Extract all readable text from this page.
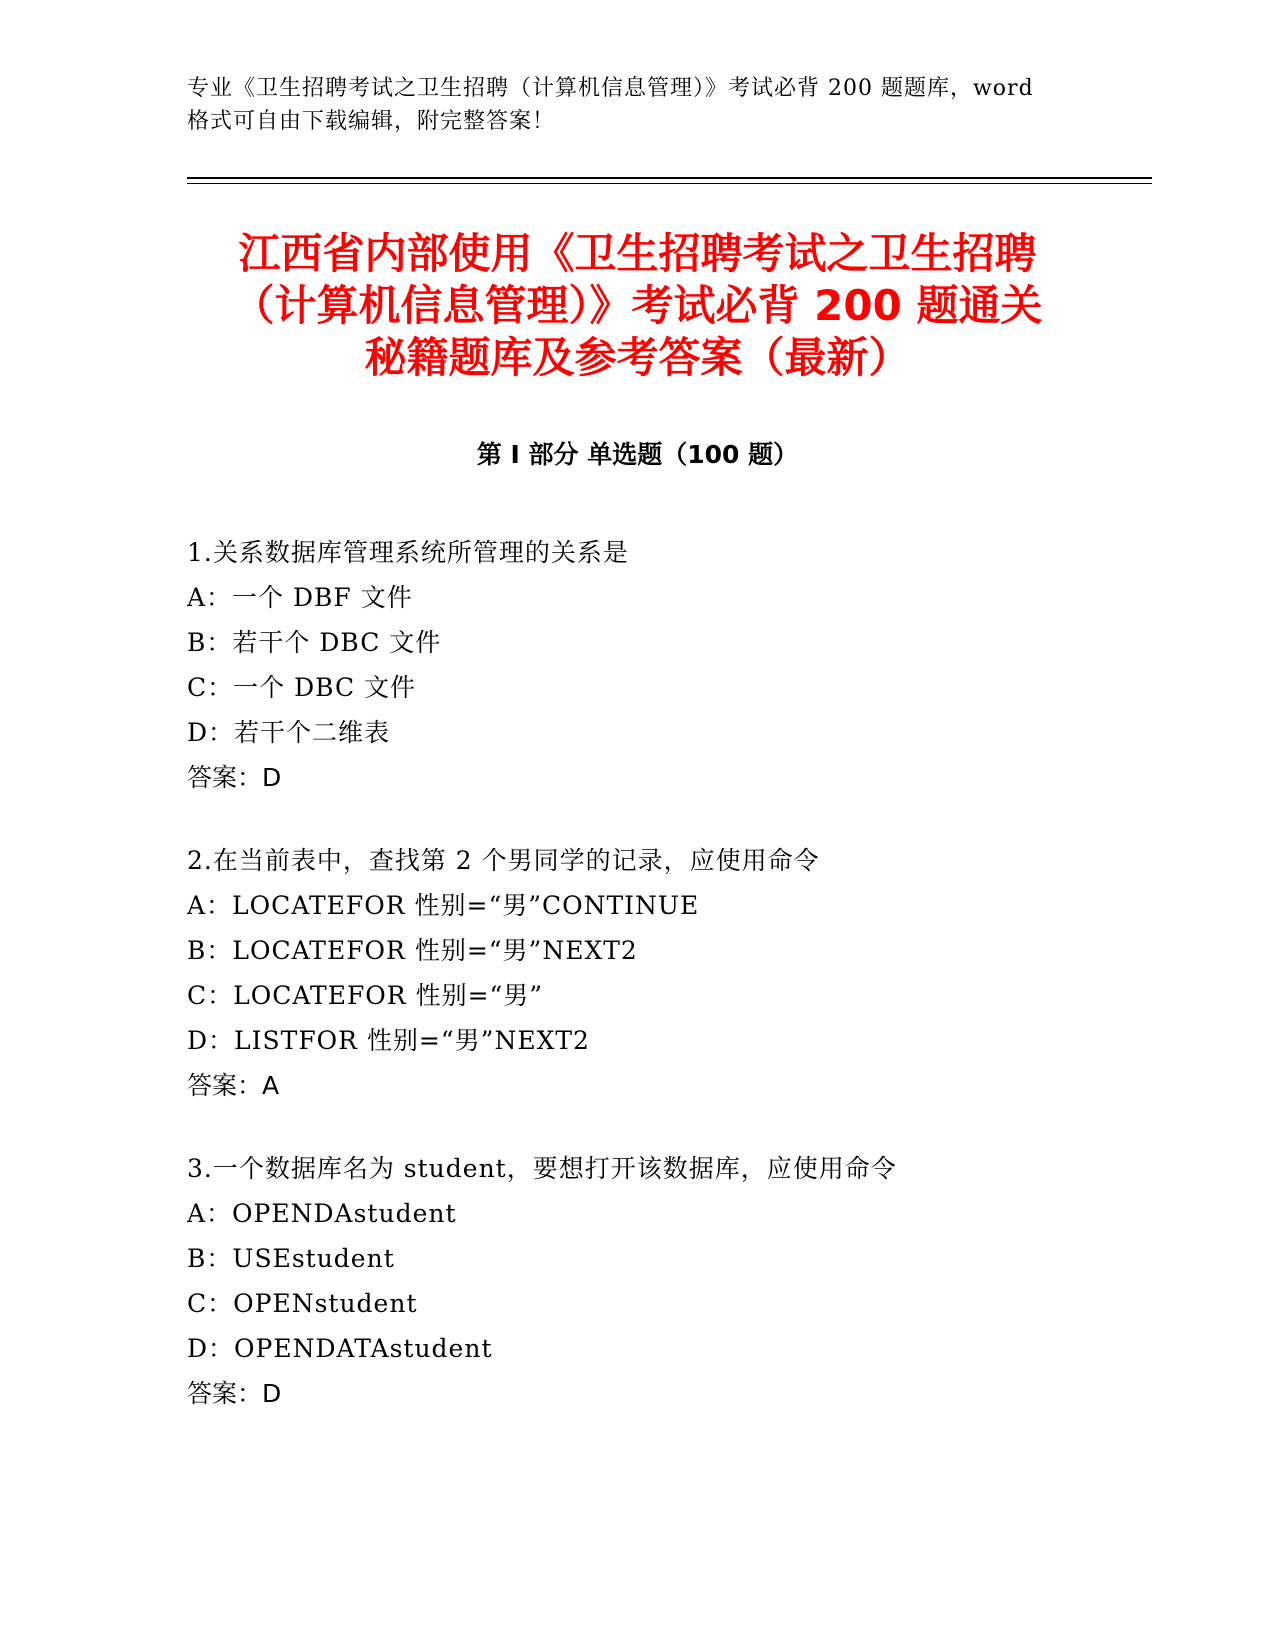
专业《卫生招聘考试之卫生招聘（计算机信息管理）》考试必背 200 题题库，word
格式可自由下载编辑，附完整答案！
江西省内部使用《卫生招聘考试之卫生招聘
（计算机信息管理）》考试必背 200 题通关
秘籍题库及参考答案（最新）
第 I 部分 单选题（100 题）
1.关系数据库管理系统所管理的关系是
A：一个 DBF 文件
B：若干个 DBC 文件
C：一个 DBC 文件
D：若干个二维表
答案：D
2.在当前表中，查找第 2 个男同学的记录，应使用命令
A：LOCATEFOR 性别=“男”CONTINUE
B：LOCATEFOR 性别=“男”NEXT2
C：LOCATEFOR 性别=“男”
D：LISTFOR 性别=“男”NEXT2
答案：A
3.一个数据库名为 student，要想打开该数据库，应使用命令
A：OPENDAstudent
B：USEstudent
C：OPENstudent
D：OPENDATAstudent
答案：D
